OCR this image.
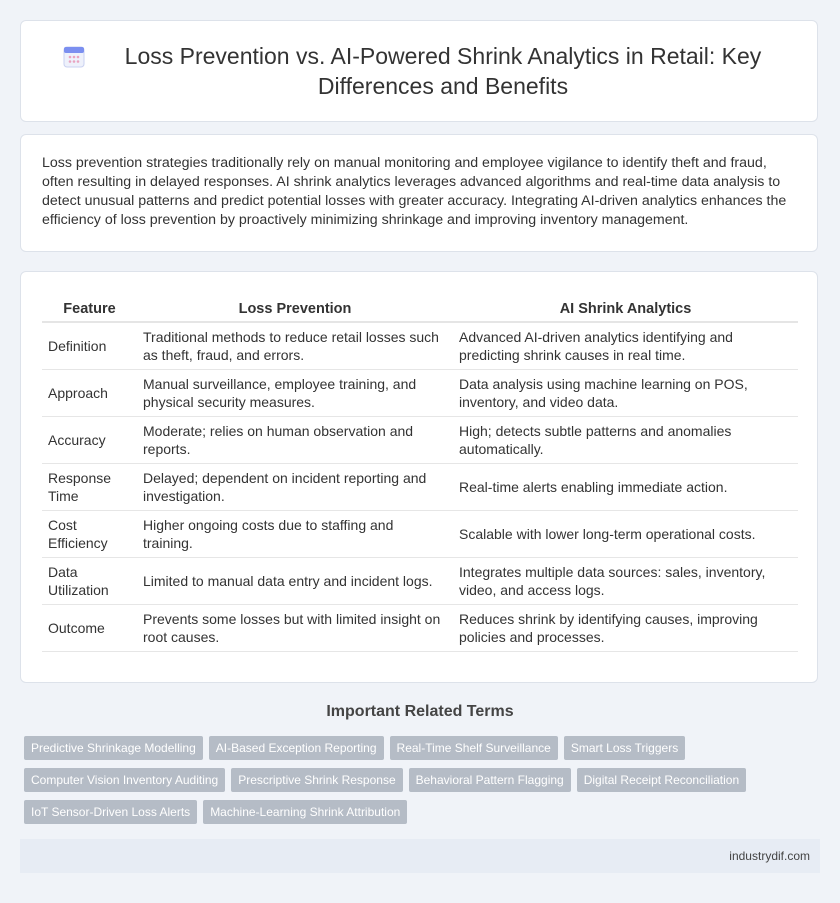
Loss Prevention vs. AI-Powered Shrink Analytics in Retail: Key Differences and Benefits

Loss prevention strategies traditionally rely on manual monitoring and employee vigilance to identify theft and fraud, often resulting in delayed responses. AI shrink analytics leverages advanced algorithms and real-time data analysis to detect unusual patterns and predict potential losses with greater accuracy. Integrating AI-driven analytics enhances the efficiency of loss prevention by proactively minimizing shrinkage and improving inventory management.

Feature	Loss Prevention	AI Shrink Analytics
Definition	Traditional methods to reduce retail losses such as theft, fraud, and errors.	Advanced AI-driven analytics identifying and predicting shrink causes in real time.
Approach	Manual surveillance, employee training, and physical security measures.	Data analysis using machine learning on POS, inventory, and video data.
Accuracy	Moderate; relies on human observation and reports.	High; detects subtle patterns and anomalies automatically.
Response Time	Delayed; dependent on incident reporting and investigation.	Real-time alerts enabling immediate action.
Cost Efficiency	Higher ongoing costs due to staffing and training.	Scalable with lower long-term operational costs.
Data Utilization	Limited to manual data entry and incident logs.	Integrates multiple data sources: sales, inventory, video, and access logs.
Outcome	Prevents some losses but with limited insight on root causes.	Reduces shrink by identifying causes, improving policies and processes.
Important Related Terms
Predictive Shrinkage Modelling	AI-Based Exception Reporting	Real-Time Shelf Surveillance	Smart Loss Triggers
Computer Vision Inventory Auditing	Prescriptive Shrink Response	Behavioral Pattern Flagging	Digital Receipt Reconciliation
IoT Sensor-Driven Loss Alerts	Machine-Learning Shrink Attribution
industrydif.com
